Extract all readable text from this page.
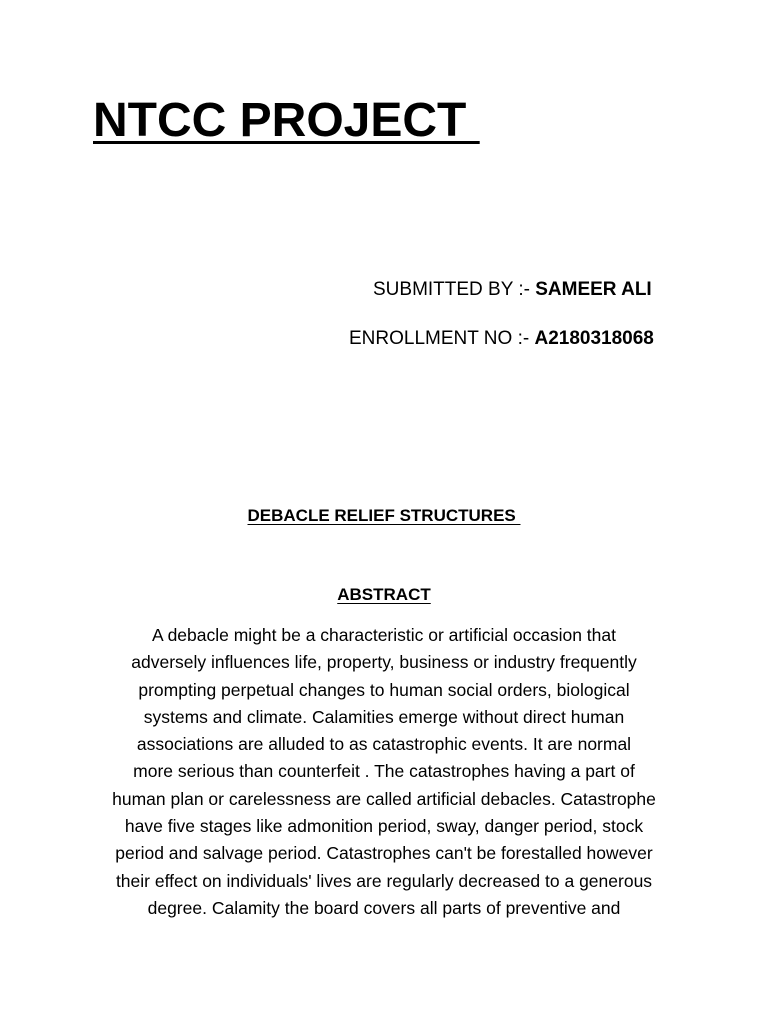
NTCC PROJECT
SUBMITTED BY :- SAMEER ALI
ENROLLMENT NO :- A2180318068
DEBACLE RELIEF STRUCTURES
ABSTRACT

A debacle might be a characteristic or artificial occasion that
adversely influences life, property, business or industry frequently
prompting perpetual changes to human social orders, biological
systems and climate. Calamities emerge without direct human
associations are alluded to as catastrophic events. It are normal
more serious than counterfeit . The catastrophes having a part of
human plan or carelessness are called artificial debacles. Catastrophe
have five stages like admonition period, sway, danger period, stock
period and salvage period. Catastrophes can't be forestalled however
their effect on individuals' lives are regularly decreased to a generous
degree. Calamity the board covers all parts of preventive and
